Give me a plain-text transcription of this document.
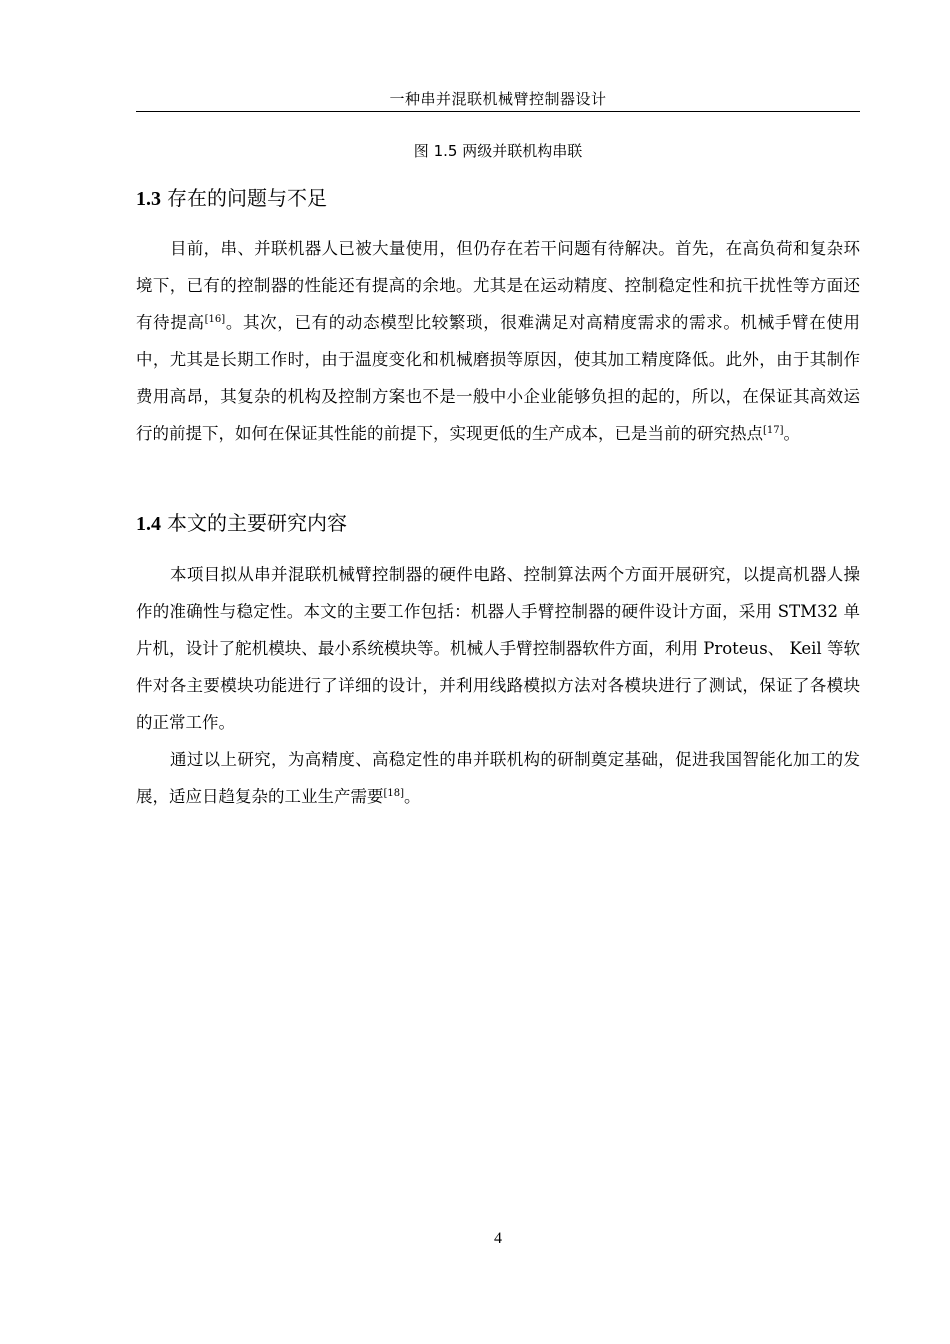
一种串并混联机械臂控制器设计
图 1.5 两级并联机构串联
1.3 存在的问题与不足

目前，串、并联机器人已被大量使用，但仍存在若干问题有待解决。首先，在高负荷和复杂环境下，已有的控制器的性能还有提高的余地。尤其是在运动精度、控制稳定性和抗干扰性等方面还有待提高[16]。其次，已有的动态模型比较繁琐，很难满足对高精度需求的需求。机械手臂在使用中，尤其是长期工作时，由于温度变化和机械磨损等原因，使其加工精度降低。此外，由于其制作费用高昂，其复杂的机构及控制方案也不是一般中小企业能够负担的起的，所以，在保证其高效运行的前提下，如何在保证其性能的前提下，实现更低的生产成本，已是当前的研究热点[17]。

1.4 本文的主要研究内容

本项目拟从串并混联机械臂控制器的硬件电路、控制算法两个方面开展研究，以提高机器人操作的准确性与稳定性。本文的主要工作包括：机器人手臂控制器的硬件设计方面，采用 STM32 单片机，设计了舵机模块、最小系统模块等。机械人手臂控制器软件方面，利用 Proteus、 Keil 等软件对各主要模块功能进行了详细的设计，并利用线路模拟方法对各模块进行了测试，保证了各模块的正常工作。

通过以上研究，为高精度、高稳定性的串并联机构的研制奠定基础，促进我国智能化加工的发展，适应日趋复杂的工业生产需要[18]。

4
